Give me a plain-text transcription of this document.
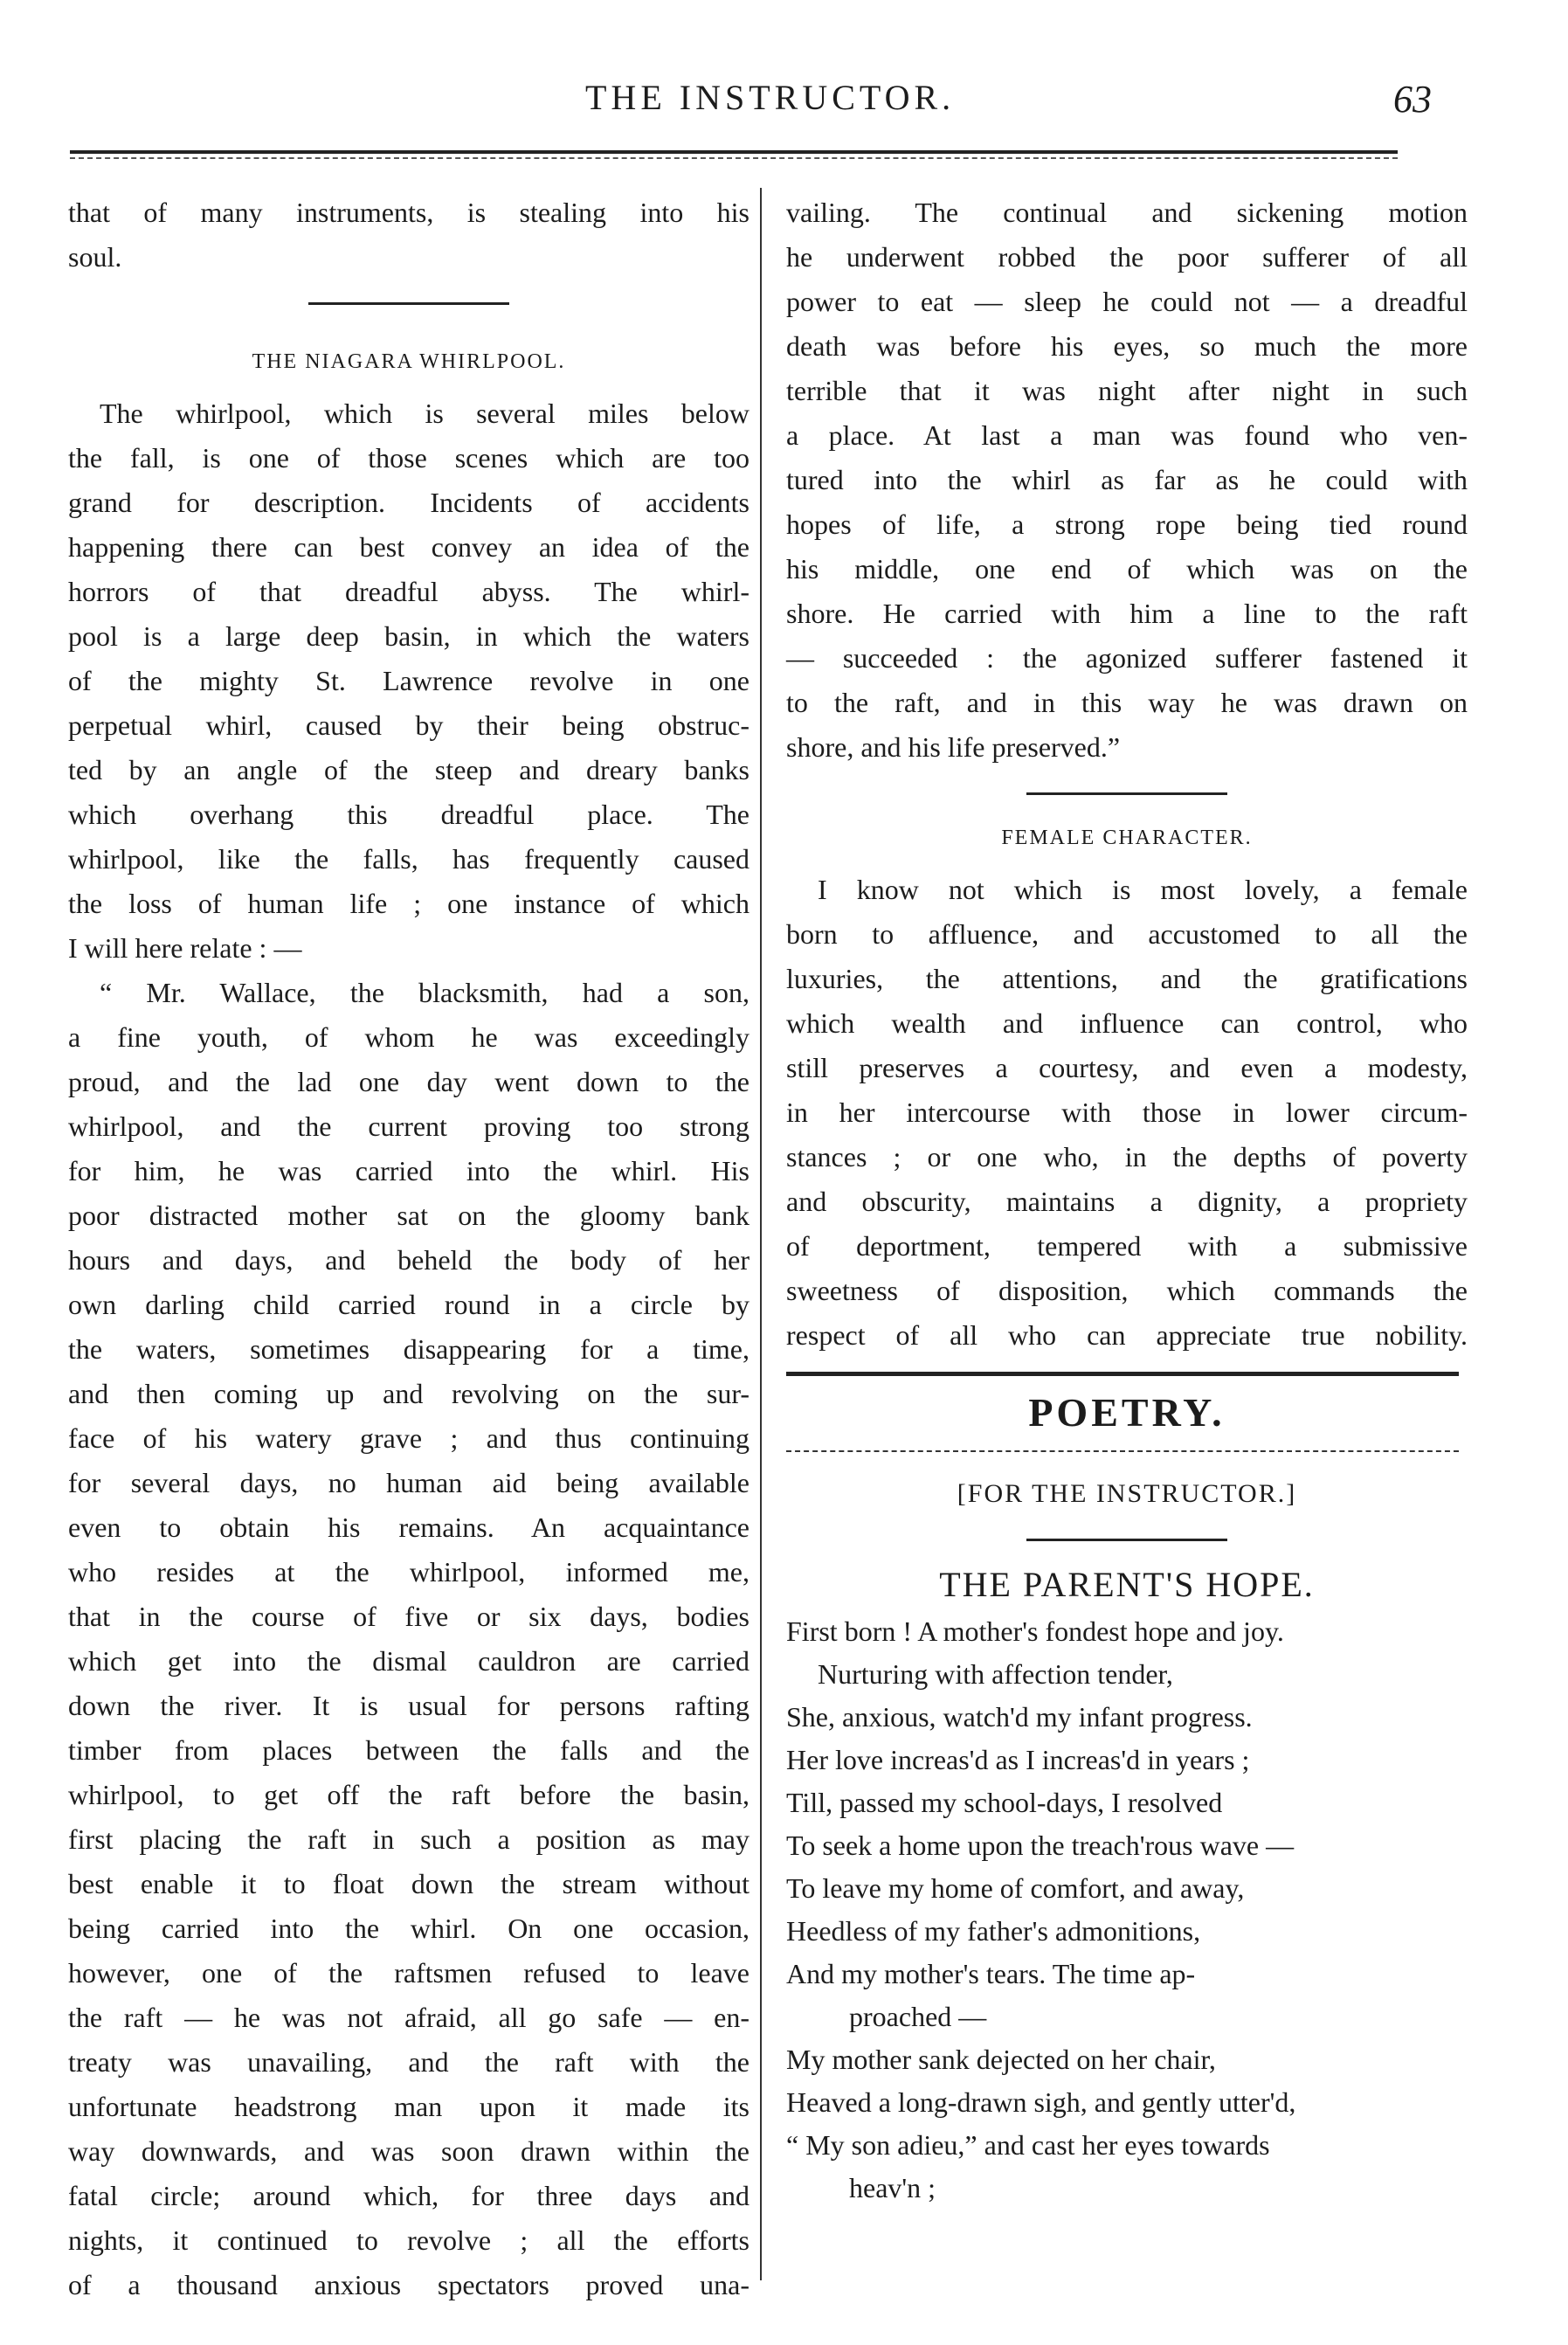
THE INSTRUCTOR.	63
that of many instruments, is stealing into his
soul.
THE NIAGARA WHIRLPOOL.
The whirlpool, which is several miles below
the fall, is one of those scenes which are too
grand for description. Incidents of accidents
happening there can best convey an idea of the
horrors of that dreadful abyss. The whirl-
pool is a large deep basin, in which the waters
of the mighty St. Lawrence revolve in one
perpetual whirl, caused by their being obstruc-
ted by an angle of the steep and dreary banks
which overhang this dreadful place. The
whirlpool, like the falls, has frequently caused
the loss of human life ; one instance of which
I will here relate : —
“ Mr. Wallace, the blacksmith, had a son,
a fine youth, of whom he was exceedingly
proud, and the lad one day went down to the
whirlpool, and the current proving too strong
for him, he was carried into the whirl. His
poor distracted mother sat on the gloomy bank
hours and days, and beheld the body of her
own darling child carried round in a circle by
the waters, sometimes disappearing for a time,
and then coming up and revolving on the sur-
face of his watery grave ; and thus continuing
for several days, no human aid being available
even to obtain his remains. An acquaintance
who resides at the whirlpool, informed me,
that in the course of five or six days, bodies
which get into the dismal cauldron are carried
down the river. It is usual for persons rafting
timber from places between the falls and the
whirlpool, to get off the raft before the basin,
first placing the raft in such a position as may
best enable it to float down the stream without
being carried into the whirl. On one occasion,
however, one of the raftsmen refused to leave
the raft — he was not afraid, all go safe — en-
treaty was unavailing, and the raft with the
unfortunate headstrong man upon it made its
way downwards, and was soon drawn within the
fatal circle; around which, for three days and
nights, it continued to revolve ; all the efforts
of a thousand anxious spectators proved una-
vailing. The continual and sickening motion
he underwent robbed the poor sufferer of all
power to eat — sleep he could not — a dreadful
death was before his eyes, so much the more
terrible that it was night after night in such
a place. At last a man was found who ven-
tured into the whirl as far as he could with
hopes of life, a strong rope being tied round
his middle, one end of which was on the
shore. He carried with him a line to the raft
— succeeded : the agonized sufferer fastened it
to the raft, and in this way he was drawn on
shore, and his life preserved.”
FEMALE CHARACTER.
I know not which is most lovely, a female
born to affluence, and accustomed to all the
luxuries, the attentions, and the gratifications
which wealth and influence can control, who
still preserves a courtesy, and even a modesty,
in her intercourse with those in lower circum-
stances ; or one who, in the depths of poverty
and obscurity, maintains a dignity, a propriety
of deportment, tempered with a submissive
sweetness of disposition, which commands the
respect of all who can appreciate true nobility.
POETRY.
[FOR THE INSTRUCTOR.]
THE PARENT'S HOPE.
First born ! A mother's fondest hope and joy.
Nurturing with affection tender,
She, anxious, watch'd my infant progress.
Her love increas'd as I increas'd in years ;
Till, passed my school-days, I resolved
To seek a home upon the treach'rous wave —
To leave my home of comfort, and away,
Heedless of my father's admonitions,
And my mother's tears. The time ap-
proached —
My mother sank dejected on her chair,
Heaved a long-drawn sigh, and gently utter'd,
“ My son adieu,” and cast her eyes towards
heav'n ;
